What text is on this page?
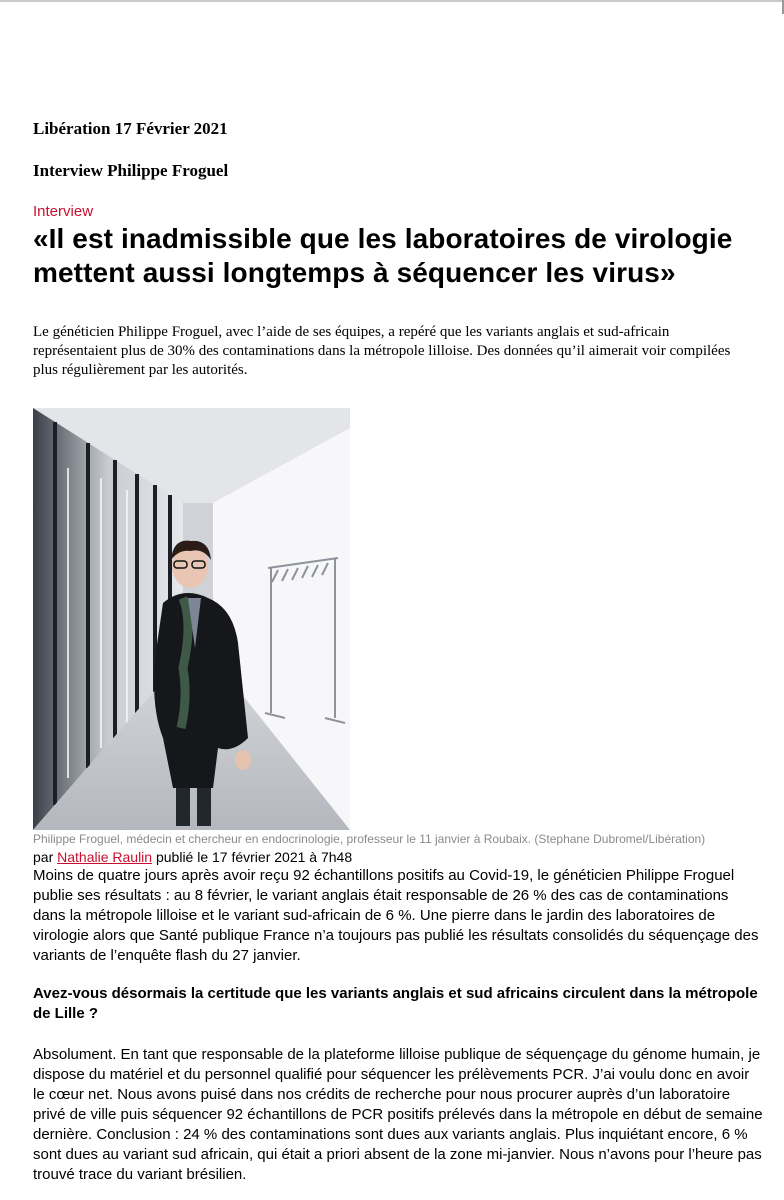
Libération 17 Février 2021
Interview Philippe Froguel
Interview
«Il est inadmissible que les laboratoires de virologie mettent aussi longtemps à séquencer les virus»
Le généticien Philippe Froguel, avec l’aide de ses équipes, a repéré que les variants anglais et sud-africain représentaient plus de 30% des contaminations dans la métropole lilloise. Des données qu’il aimerait voir compilées plus régulièrement par les autorités.
Philippe Froguel, médecin et chercheur en endocrinologie, professeur le 11 janvier à Roubaix. (Stephane Dubromel/Libération)
par Nathalie Raulin publié le 17 février 2021 à 7h48

Moins de quatre jours après avoir reçu 92 échantillons positifs au Covid-19, le généticien Philippe Froguel publie ses résultats : au 8 février, le variant anglais était responsable de 26 % des cas de contaminations dans la métropole lilloise et le variant sud-africain de 6 %. Une pierre dans le jardin des laboratoires de virologie alors que Santé publique France n’a toujours pas publié les résultats consolidés du séquençage des variants de l’enquête flash du 27 janvier.

Avez-vous désormais la certitude que les variants anglais et sud africains circulent dans la métropole de Lille ?

Absolument. En tant que responsable de la plateforme lilloise publique de séquençage du génome humain, je dispose du matériel et du personnel qualifié pour séquencer les prélèvements PCR. J’ai voulu donc en avoir le cœur net. Nous avons puisé dans nos crédits de recherche pour nous procurer auprès d’un laboratoire privé de ville puis séquencer 92 échantillons de PCR positifs prélevés dans la métropole en début de semaine dernière. Conclusion : 24 % des contaminations sont dues aux variants anglais. Plus inquiétant encore, 6 % sont dues au variant sud africain, qui était a priori absent de la zone mi-janvier. Nous n’avons pour l’heure pas trouvé trace du variant brésilien.
